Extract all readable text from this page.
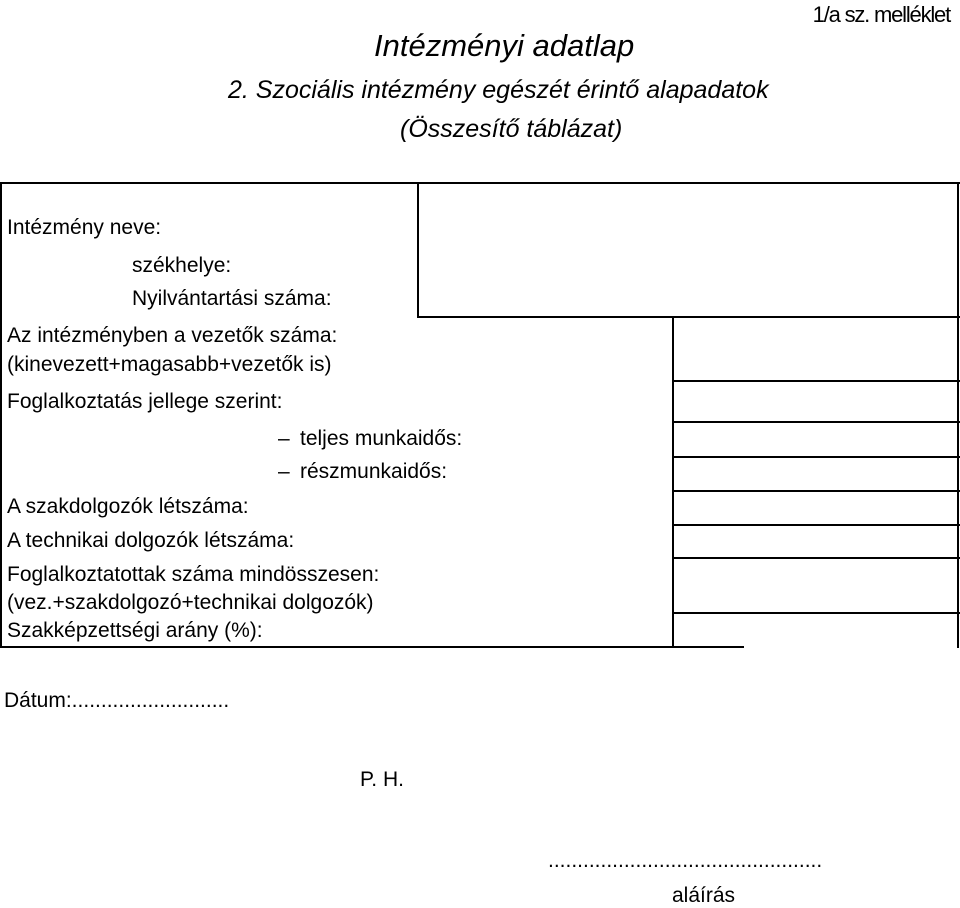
1/a sz. melléklet
Intézményi adatlap
2. Szociális intézmény egészét érintő alapadatok
(Összesítő táblázat)
Intézmény neve:
székhelye:
Nyilvántartási száma:
Az intézményben a vezetők száma:
(kinevezett+magasabb+vezetők is)
Foglalkoztatás jellege szerint:
– teljes munkaidős:
– részmunkaidős:
A szakdolgozók létszáma:
A technikai dolgozók létszáma:
Foglalkoztatottak száma mindösszesen:
(vez.+szakdolgozó+technikai dolgozók)
Szakképzettségi arány (%):
Dátum:...........................
P. H.
...............................................
aláírás
